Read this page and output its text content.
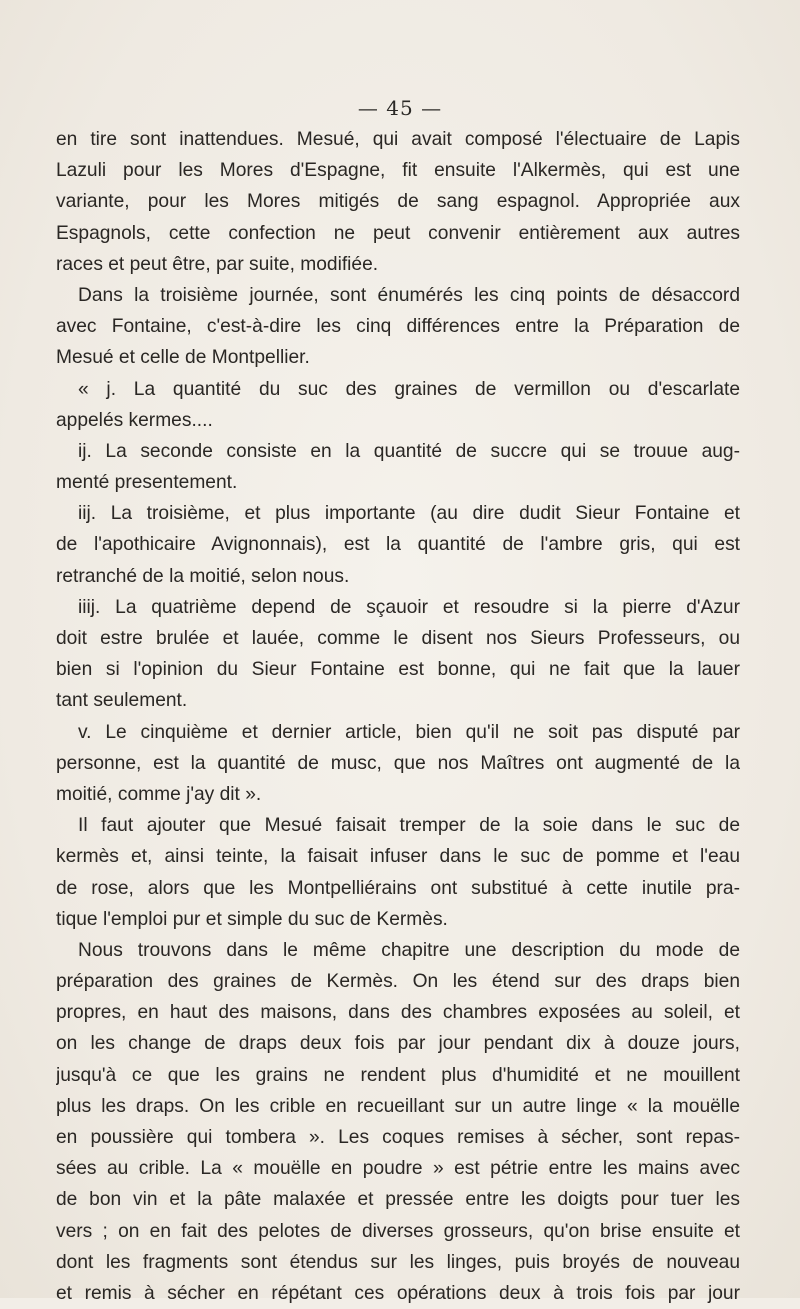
— 45 —
en tire sont inattendues. Mesué, qui avait composé l'électuaire de Lapis
Lazuli pour les Mores d'Espagne, fit ensuite l'Alkermès, qui est une
variante, pour les Mores mitigés de sang espagnol. Appropriée aux
Espagnols, cette confection ne peut convenir entièrement aux autres
races et peut être, par suite, modifiée.
Dans la troisième journée, sont énumérés les cinq points de désaccord
avec Fontaine, c'est-à-dire les cinq différences entre la Préparation de
Mesué et celle de Montpellier.
« j. La quantité du suc des graines de vermillon ou d'escarlate
appelés kermes....
ij. La seconde consiste en la quantité de succre qui se trouue aug-
menté presentement.
iij. La troisième, et plus importante (au dire dudit Sieur Fontaine et
de l'apothicaire Avignonnais), est la quantité de l'ambre gris, qui est
retranché de la moitié, selon nous.
iiij. La quatrième depend de sçauoir et resoudre si la pierre d'Azur
doit estre brulée et lauée, comme le disent nos Sieurs Professeurs, ou
bien si l'opinion du Sieur Fontaine est bonne, qui ne fait que la lauer
tant seulement.
v. Le cinquième et dernier article, bien qu'il ne soit pas disputé par
personne, est la quantité de musc, que nos Maîtres ont augmenté de la
moitié, comme j'ay dit ».
Il faut ajouter que Mesué faisait tremper de la soie dans le suc de
kermès et, ainsi teinte, la faisait infuser dans le suc de pomme et l'eau
de rose, alors que les Montpelliérains ont substitué à cette inutile pra-
tique l'emploi pur et simple du suc de Kermès.
Nous trouvons dans le même chapitre une description du mode de
préparation des graines de Kermès. On les étend sur des draps bien
propres, en haut des maisons, dans des chambres exposées au soleil, et
on les change de draps deux fois par jour pendant dix à douze jours,
jusqu'à ce que les grains ne rendent plus d'humidité et ne mouillent
plus les draps. On les crible en recueillant sur un autre linge « la mouëlle
en poussière qui tombera ». Les coques remises à sécher, sont repas-
sées au crible. La « mouëlle en poudre » est pétrie entre les mains avec
de bon vin et la pâte malaxée et pressée entre les doigts pour tuer les
vers ; on en fait des pelotes de diverses grosseurs, qu'on brise ensuite et
dont les fragments sont étendus sur les linges, puis broyés de nouveau
et remis à sécher en répétant ces opérations deux à trois fois par jour
